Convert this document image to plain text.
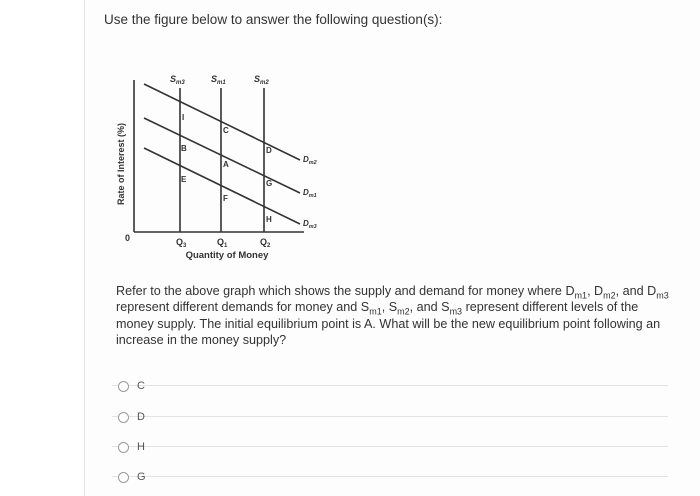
Use the figure below to answer the following question(s):
Rate of Interest (%)
0
Quantity of Money
$Q_3$	$Q_1$	$Q_2$
$S_{m3}$	$S_{m1}$	$S_{m2}$
$D_{m2}$
$D_{m1}$
$D_{m3}$
I
B
E
C
A
F
D
G
H
Refer to the above graph which shows the supply and demand for money where $D_{m1}$, $D_{m2}$, and $D_{m3}$ represent different demands for money and $S_{m1}$, $S_{m2}$, and $S_{m3}$ represent different levels of the money supply. The initial equilibrium point is A. What will be the new equilibrium point following an increase in the money supply?
C
D
H
G
